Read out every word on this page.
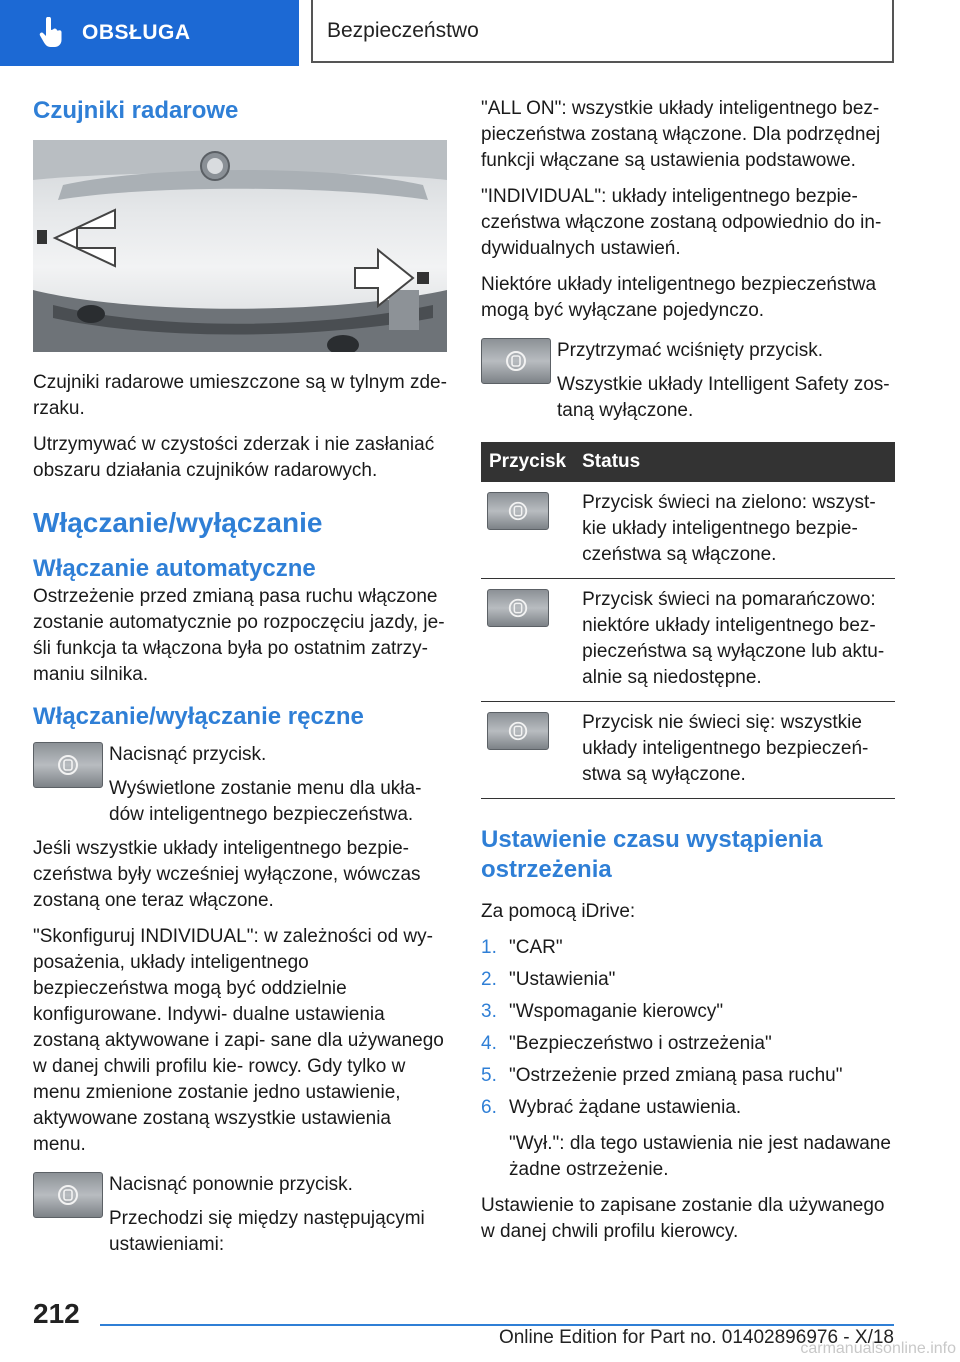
OBSŁUGA	Bezpieczeństwo
Czujniki radarowe

Czujniki radarowe umieszczone są w tylnym zde- rzaku.

Utrzymywać w czystości zderzak i nie zasłaniać obszaru działania czujników radarowych.

Włączanie/wyłączanie
Włączanie automatyczne

Ostrzeżenie przed zmianą pasa ruchu włączone zostanie automatycznie po rozpoczęciu jazdy, je- śli funkcja ta włączona była po ostatnim zatrzy- maniu silnika.

Włączanie/wyłączanie ręczne

Nacisnąć przycisk.

Wyświetlone zostanie menu dla ukła- dów inteligentnego bezpieczeństwa.

Jeśli wszystkie układy inteligentnego bezpie- czeństwa były wcześniej wyłączone, wówczas zostaną one teraz włączone.

"Skonfiguruj INDIVIDUAL": w zależności od wy- posażenia, układy inteligentnego bezpieczeństwa mogą być oddzielnie konfigurowane. Indywi- dualne ustawienia zostaną aktywowane i zapi- sane dla używanego w danej chwili profilu kie- rowcy. Gdy tylko w menu zmienione zostanie jedno ustawienie, aktywowane zostaną wszystkie ustawienia menu.

Nacisnąć ponownie przycisk.

Przechodzi się między następującymi ustawieniami:

"ALL ON": wszystkie układy inteligentnego bez- pieczeństwa zostaną włączone. Dla podrzędnej funkcji włączane są ustawienia podstawowe.

"INDIVIDUAL": układy inteligentnego bezpie- czeństwa włączone zostaną odpowiednio do in- dywidualnych ustawień.

Niektóre układy inteligentnego bezpieczeństwa mogą być wyłączane pojedynczo.

Przytrzymać wciśnięty przycisk.

Wszystkie układy Intelligent Safety zos- taną wyłączone.

Przycisk	Status

	Przycisk świeci na zielono: wszyst- kie układy inteligentnego bezpie- czeństwa są włączone.

	Przycisk świeci na pomarańczowo: niektóre układy inteligentnego bez- pieczeństwa są wyłączone lub aktu- alnie są niedostępne.

	Przycisk nie świeci się: wszystkie układy inteligentnego bezpieczeń- stwa są wyłączone.
Ustawienie czasu wystąpienia ostrzeżenia

Za pomocą iDrive:

1. "CAR"
2. "Ustawienia"
3. "Wspomaganie kierowcy"
4. "Bezpieczeństwo i ostrzeżenia"
5. "Ostrzeżenie przed zmianą pasa ruchu"
6. Wybrać żądane ustawienia.

"Wył.": dla tego ustawienia nie jest nadawane żadne ostrzeżenie.

Ustawienie to zapisane zostanie dla używanego w danej chwili profilu kierowcy.

212
Online Edition for Part no. 01402896976 - X/18
carmanualsonline.info
